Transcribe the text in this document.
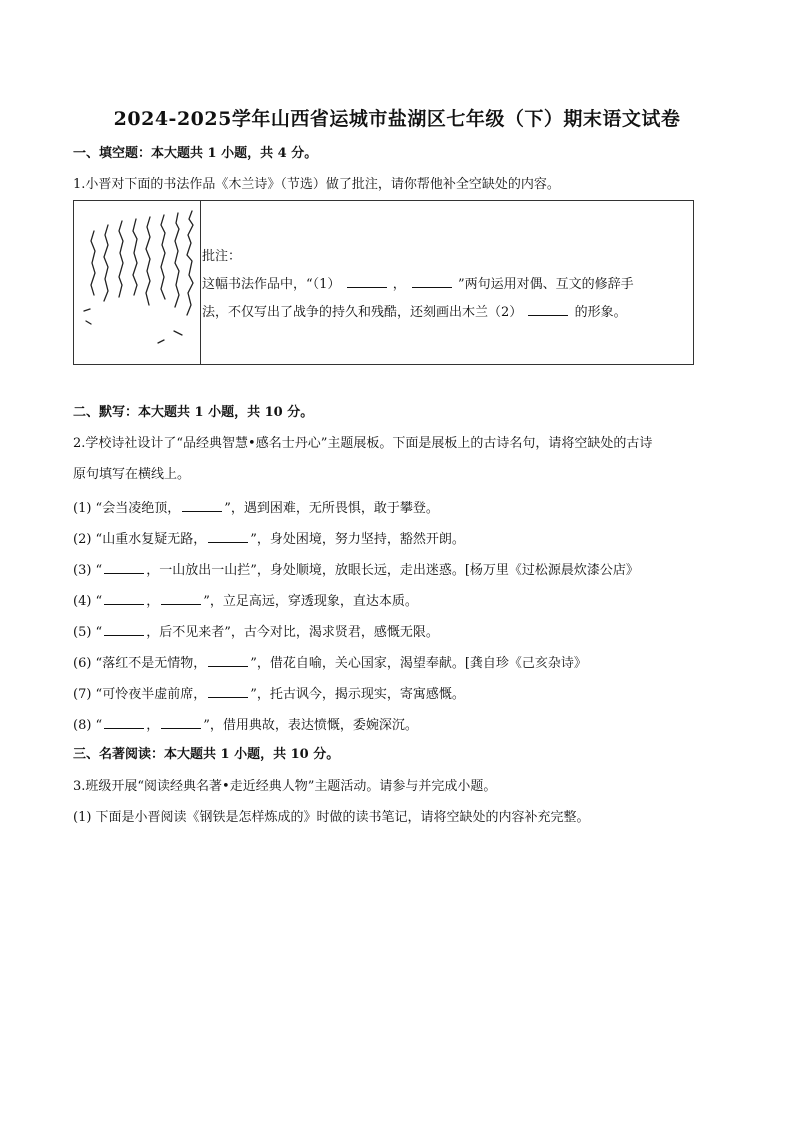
2024-2025学年山西省运城市盐湖区七年级（下）期末语文试卷
一、填空题：本大题共 1 小题，共 4 分。
1.小晋对下面的书法作品《木兰诗》（节选）做了批注，请你帮他补全空缺处的内容。
批注：
这幅书法作品中，“（1）	，	”两句运用对偶、互文的修辞手
法，不仅写出了战争的持久和残酷，还刻画出木兰（2）	的形象。
二、默写：本大题共 1 小题，共 10 分。
2.学校诗社设计了“品经典智慧•感名士丹心”主题展板。下面是展板上的古诗名句，请将空缺处的古诗
原句填写在横线上。
(1) “会当凌绝顶，	”，遇到困难，无所畏惧，敢于攀登。
(2) “山重水复疑无路，	”，身处困境，努力坚持，豁然开朗。
(3) “	，一山放出一山拦”，身处顺境，放眼长远，走出迷惑。[杨万里《过松源晨炊漆公店》
(4) “	，	”，立足高远，穿透现象，直达本质。
(5) “	，后不见来者”，古今对比，渴求贤君，感慨无限。
(6) “落红不是无情物，	”，借花自喻，关心国家，渴望奉献。[龚自珍《己亥杂诗》
(7) “可怜夜半虚前席，	”，托古讽今，揭示现实，寄寓感慨。
(8) “	，	”，借用典故，表达愤慨，委婉深沉。
三、名著阅读：本大题共 1 小题，共 10 分。
3.班级开展“阅读经典名著•走近经典人物”主题活动。请参与并完成小题。
(1) 下面是小晋阅读《钢铁是怎样炼成的》时做的读书笔记，请将空缺处的内容补充完整。
